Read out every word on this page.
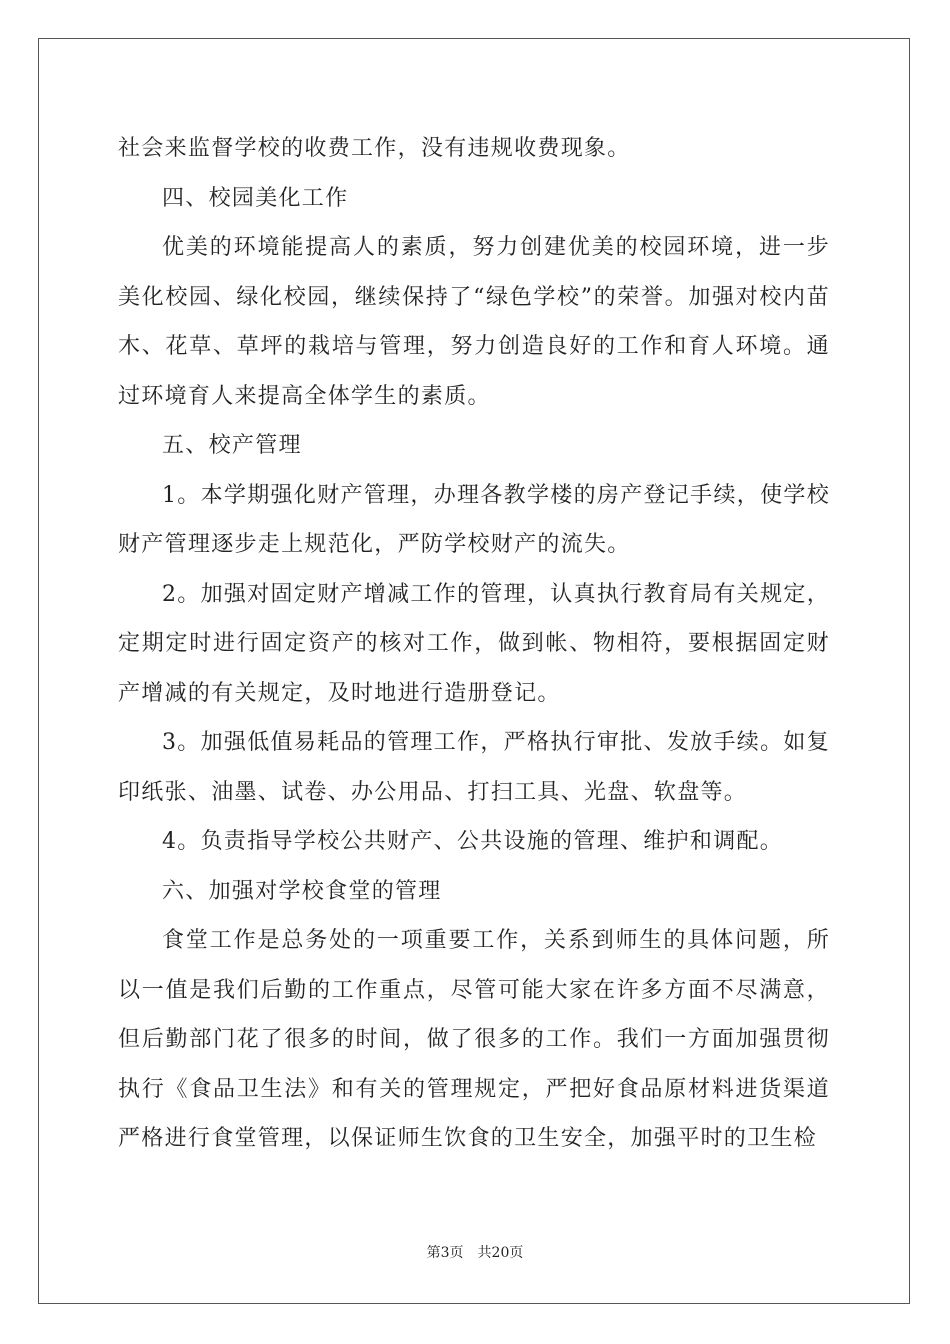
社会来监督学校的收费工作，没有违规收费现象。

四、校园美化工作

优美的环境能提高人的素质，努力创建优美的校园环境，进一步美化校园、绿化校园，继续保持了“绿色学校”的荣誉。加强对校内苗木、花草、草坪的栽培与管理，努力创造良好的工作和育人环境。通过环境育人来提高全体学生的素质。

五、校产管理

1。本学期强化财产管理，办理各教学楼的房产登记手续，使学校财产管理逐步走上规范化，严防学校财产的流失。

2。加强对固定财产增减工作的管理，认真执行教育局有关规定，定期定时进行固定资产的核对工作，做到帐、物相符，要根据固定财产增减的有关规定，及时地进行造册登记。

3。加强低值易耗品的管理工作，严格执行审批、发放手续。如复印纸张、油墨、试卷、办公用品、打扫工具、光盘、软盘等。

4。负责指导学校公共财产、公共设施的管理、维护和调配。

六、加强对学校食堂的管理

食堂工作是总务处的一项重要工作，关系到师生的具体问题，所以一值是我们后勤的工作重点，尽管可能大家在许多方面不尽满意，但后勤部门花了很多的时间，做了很多的工作。我们一方面加强贯彻执行《食品卫生法》和有关的管理规定，严把好食品原材料进货渠道严格进行食堂管理，以保证师生饮食的卫生安全，加强平时的卫生检

第3页 共20页
